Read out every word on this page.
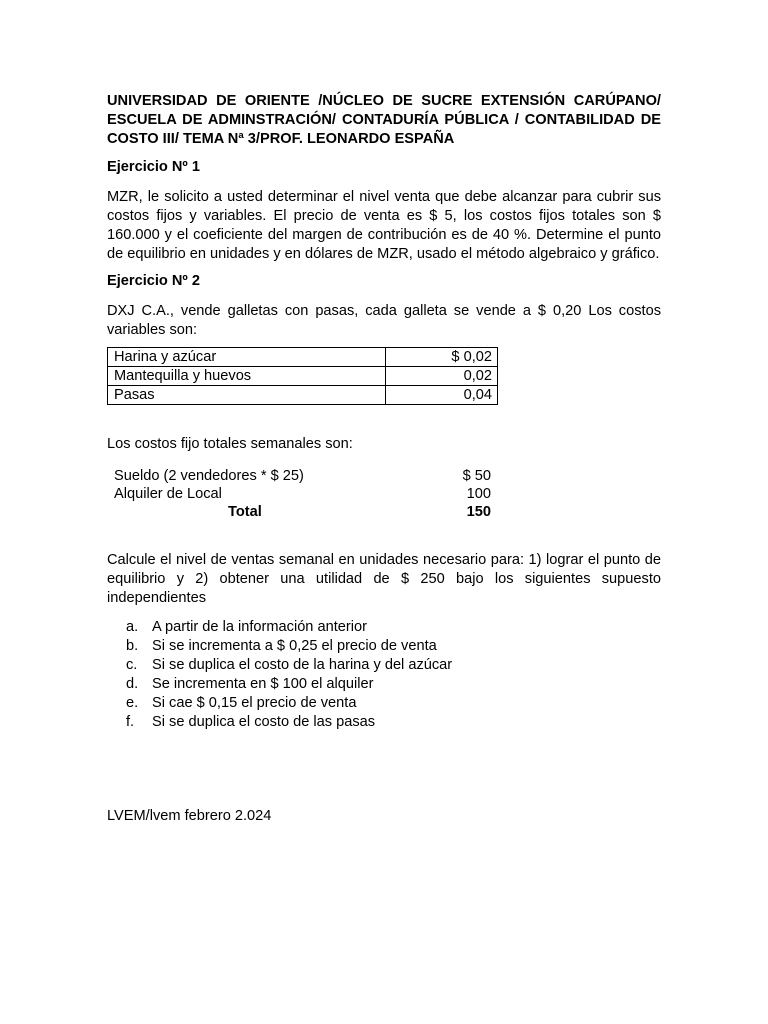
UNIVERSIDAD DE ORIENTE /NÚCLEO DE SUCRE EXTENSIÓN CARÚPANO/ ESCUELA DE ADMINSTRACIÓN/ CONTADURÍA PÚBLICA / CONTABILIDAD DE COSTO III/ TEMA Nª 3/PROF. LEONARDO ESPAÑA

Ejercicio Nº 1

MZR, le solicito a usted determinar el nivel venta que debe alcanzar para cubrir sus costos fijos y variables. El precio de venta es $ 5, los costos fijos totales son $ 160.000 y el coeficiente del margen de contribución es de 40 %. Determine el punto de equilibrio en unidades y en dólares de MZR, usado el método algebraico y gráfico.

Ejercicio Nº 2

DXJ C.A., vende galletas con pasas, cada galleta se vende a $ 0,20 Los costos variables son:

Harina y azúcar	$ 0,02
Mantequilla y huevos	0,02
Pasas	0,04

Los costos fijo totales semanales son:

Sueldo (2 vendedores * $ 25)	$ 50
Alquiler de Local	100
Total	150

Calcule el nivel de ventas semanal en unidades necesario para: 1) lograr el punto de equilibrio y 2) obtener una utilidad de $ 250 bajo los siguientes supuesto independientes

a. A partir de la información anterior
b. Si se incrementa a $ 0,25 el precio de venta
c.	Si se duplica el costo de la harina y del azúcar
d. Se incrementa en $ 100 el alquiler
e. Si cae $ 0,15 el precio de venta
f.	Si se duplica el costo de las pasas

LVEM/lvem febrero 2.024
